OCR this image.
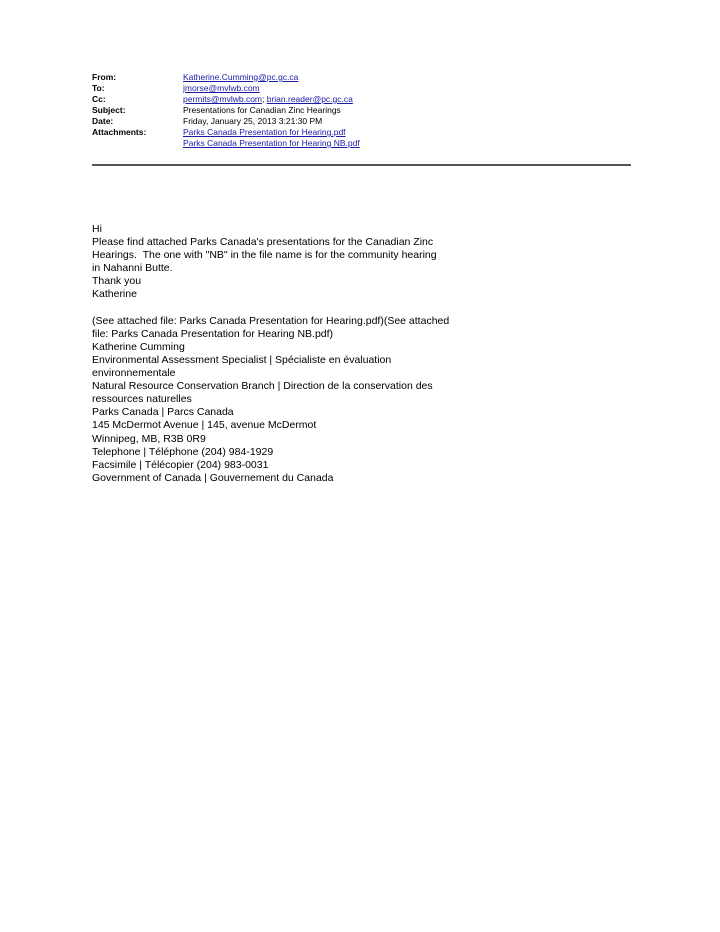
From:	Katherine.Cumming@pc.gc.ca
To:	jmorse@mvlwb.com
Cc:	permits@mvlwb.com; brian.reader@pc.gc.ca
Subject:	Presentations for Canadian Zinc Hearings
Date:	Friday, January 25, 2013 3:21:30 PM
Attachments:	Parks Canada Presentation for Hearing.pdf
Parks Canada Presentation for Hearing NB.pdf
Hi
Please find attached Parks Canada's presentations for the Canadian Zinc
Hearings.  The one with "NB" in the file name is for the community hearing
in Nahanni Butte.
Thank you
Katherine
(See attached file: Parks Canada Presentation for Hearing.pdf)(See attached
file: Parks Canada Presentation for Hearing NB.pdf)
Katherine Cumming
Environmental Assessment Specialist | Spécialiste en évaluation
environnementale
Natural Resource Conservation Branch | Direction de la conservation des
ressources naturelles
Parks Canada | Parcs Canada
145 McDermot Avenue | 145, avenue McDermot
Winnipeg, MB, R3B 0R9
Telephone | Téléphone (204) 984-1929
Facsimile | Télécopier (204) 983-0031
Government of Canada | Gouvernement du Canada
